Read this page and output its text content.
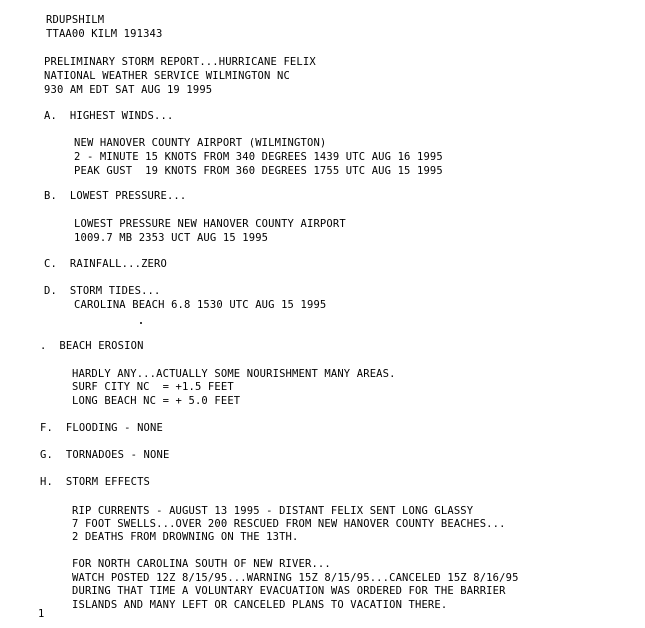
RDUPSHILM
TTAA00 KILM 191343
PRELIMINARY STORM REPORT...HURRICANE FELIX
NATIONAL WEATHER SERVICE WILMINGTON NC
930 AM EDT SAT AUG 19 1995
A.  HIGHEST WINDS...
NEW HANOVER COUNTY AIRPORT (WILMINGTON)
2 - MINUTE 15 KNOTS FROM 340 DEGREES 1439 UTC AUG 16 1995
PEAK GUST  19 KNOTS FROM 360 DEGREES 1755 UTC AUG 15 1995
B.  LOWEST PRESSURE...
LOWEST PRESSURE NEW HANOVER COUNTY AIRPORT
1009.7 MB 2353 UCT AUG 15 1995
C.  RAINFALL...ZERO
D.  STORM TIDES...
CAROLINA BEACH 6.8 1530 UTC AUG 15 1995
.  BEACH EROSION
HARDLY ANY...ACTUALLY SOME NOURISHMENT MANY AREAS.
SURF CITY NC  = +1.5 FEET
LONG BEACH NC = + 5.0 FEET
F.  FLOODING - NONE
G.  TORNADOES - NONE
H.  STORM EFFECTS
RIP CURRENTS - AUGUST 13 1995 - DISTANT FELIX SENT LONG GLASSY
7 FOOT SWELLS...OVER 200 RESCUED FROM NEW HANOVER COUNTY BEACHES...
2 DEATHS FROM DROWNING ON THE 13TH.
FOR NORTH CAROLINA SOUTH OF NEW RIVER...
WATCH POSTED 12Z 8/15/95...WARNING 15Z 8/15/95...CANCELED 15Z 8/16/95
DURING THAT TIME A VOLUNTARY EVACUATION WAS ORDERED FOR THE BARRIER
ISLANDS AND MANY LEFT OR CANCELED PLANS TO VACATION THERE.
1
